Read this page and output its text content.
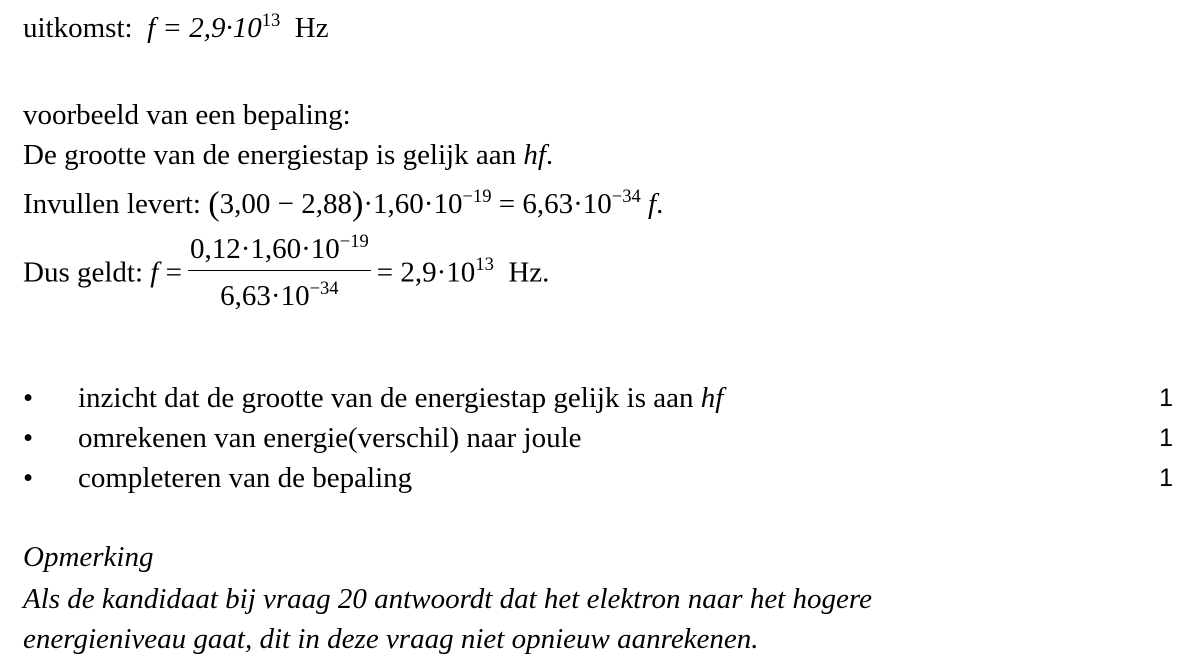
uitkomst: $f = 2,9\cdot 10^{13}$ Hz
voorbeeld van een bepaling:
De grootte van de energiestap is gelijk aan hf.
Invullen levert: $(3,00 - 2,88)\cdot 1,60\cdot 10^{-19} = 6,63\cdot 10^{-34}$ f.
Dus geldt: $f = \frac{0,12\cdot 1,60\cdot 10^{-19}}{6,63\cdot 10^{-34}} = 2,9\cdot 10^{13}$ Hz.
• inzicht dat de grootte van de energiestap gelijk is aan hf	1
• omrekenen van energie(verschil) naar joule	1
• completeren van de bepaling	1
Opmerking
Als de kandidaat bij vraag 20 antwoordt dat het elektron naar het hogere
energieniveau gaat, dit in deze vraag niet opnieuw aanrekenen.
